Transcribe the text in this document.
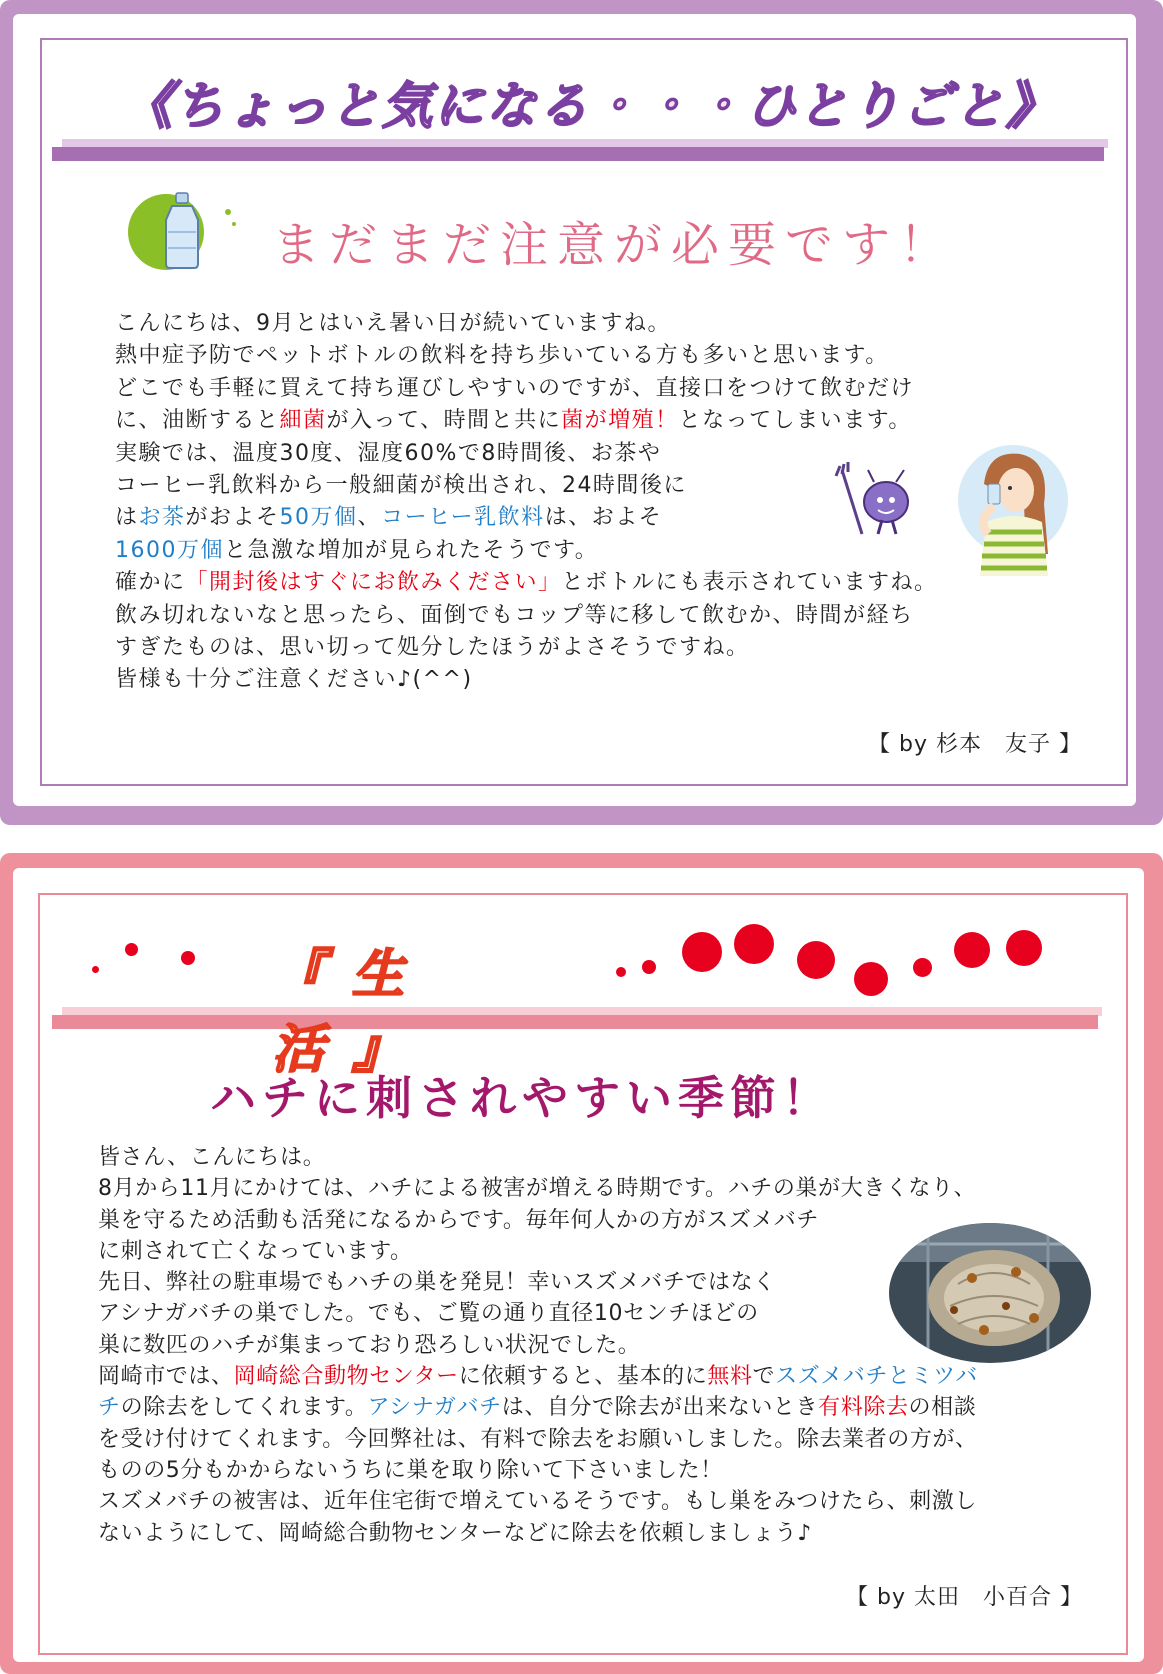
《ちょっと気になる・・・ひとりごと》
まだまだ注意が必要です！

こんにちは、9月とはいえ暑い日が続いていますね。

熱中症予防でペットボトルの飲料を持ち歩いている方も多いと思います。

どこでも手軽に買えて持ち運びしやすいのですが、直接口をつけて飲むだけ

に、油断すると細菌が入って、時間と共に菌が増殖！となってしまいます。

実験では、温度30度、湿度60%で8時間後、お茶や

コーヒー乳飲料から一般細菌が検出され、24時間後に

はお茶がおよそ50万個、コーヒー乳飲料は、およそ

1600万個と急激な増加が見られたそうです。

確かに「開封後はすぐにお飲みください」とボトルにも表示されていますね。

飲み切れないなと思ったら、面倒でもコップ等に移して飲むか、時間が経ち

すぎたものは、思い切って処分したほうがよさそうですね。

皆様も十分ご注意ください♪(^^)

【 by 杉本　友子 】
『生 活』
ハチに刺されやすい季節！

皆さん、こんにちは。

8月から11月にかけては、ハチによる被害が増える時期です。ハチの巣が大きくなり、

巣を守るため活動も活発になるからです。毎年何人かの方がスズメバチ

に刺されて亡くなっています。

先日、弊社の駐車場でもハチの巣を発見！幸いスズメバチではなく

アシナガバチの巣でした。でも、ご覧の通り直径10センチほどの

巣に数匹のハチが集まっており恐ろしい状況でした。

岡崎市では、岡崎総合動物センターに依頼すると、基本的に無料でスズメバチとミツバ

チの除去をしてくれます。アシナガバチは、自分で除去が出来ないとき有料除去の相談

を受け付けてくれます。今回弊社は、有料で除去をお願いしました。除去業者の方が、

ものの5分もかからないうちに巣を取り除いて下さいました！

スズメバチの被害は、近年住宅街で増えているそうです。もし巣をみつけたら、刺激し

ないようにして、岡崎総合動物センターなどに除去を依頼しましょう♪

【 by 太田　小百合 】
